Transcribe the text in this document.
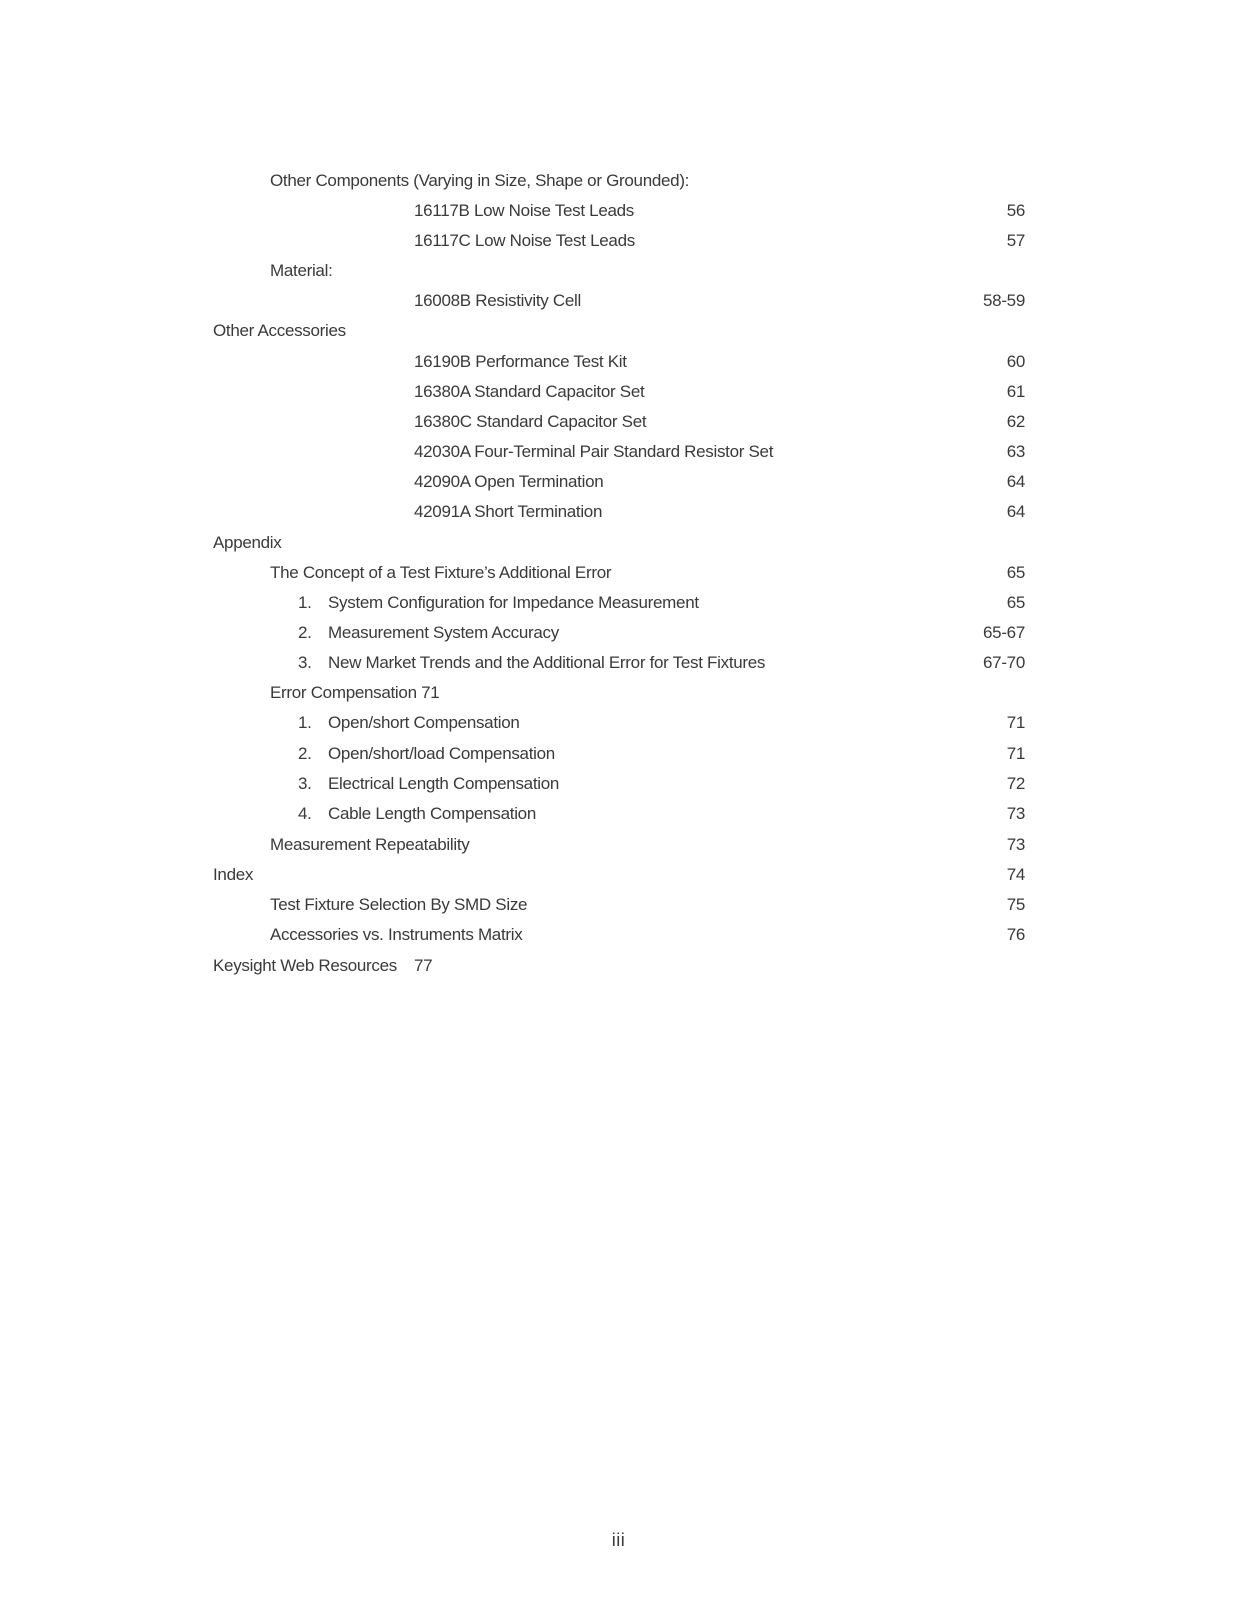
Other Components (Varying in Size, Shape or Grounded):
16117B Low Noise Test Leads	56
16117C Low Noise Test Leads	57
Material:
16008B Resistivity Cell	58-59
Other Accessories
16190B Performance Test Kit	60
16380A Standard Capacitor Set	61
16380C Standard Capacitor Set	62
42030A Four-Terminal Pair Standard Resistor Set	63
42090A Open Termination	64
42091A Short Termination	64
Appendix
The Concept of a Test Fixture’s Additional Error	65
1. System Configuration for Impedance Measurement	65
2. Measurement System Accuracy	65-67
3. New Market Trends and the Additional Error for Test Fixtures	67-70
Error Compensation 71
1. Open/short Compensation	71
2. Open/short/load Compensation	71
3. Electrical Length Compensation	72
4. Cable Length Compensation	73
Measurement Repeatability	73
Index	74
Test Fixture Selection By SMD Size	75
Accessories vs. Instruments Matrix	76
Keysight Web Resources 77
iii
